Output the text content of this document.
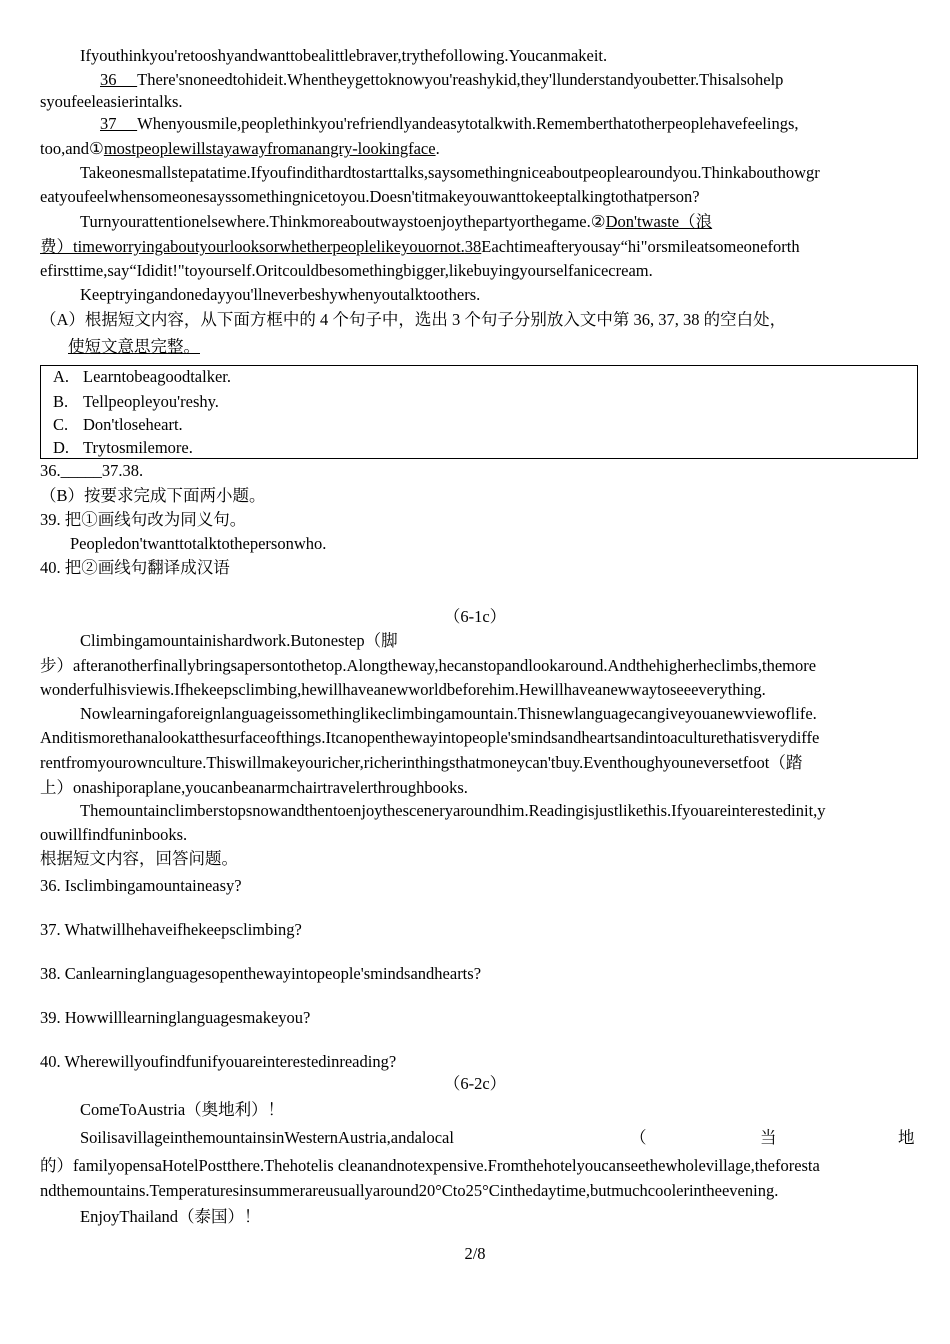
Ifyouthinkyou'retooshyandwanttobealittlebraver,trythefollowing.Youcanmakeit.
36 There'snoneedtohideit.Whentheygettoknowyou'reashykid,they'llunderstandyoubetter.Thisalsohelp
syoufeeleasierintalks.
37 Whenyousmile,peoplethinkyou'refriendlyandeasytotalkwith.Rememberthatotherpeoplehavefeelings,
too,and①mostpeoplewillstayawayfromanangry-lookingface.
Takeonesmallstepatatime.Ifyoufindithardtostarttalks,saysomethingniceaboutpeoplearoundyou.Thinkabouthowgr
eatyoufeelwhensomeonesayssomethingnicetoyou.Doesn'titmakeyouwanttokeeptalkingtothatperson?
Turnyourattentionelsewhere.Thinkmoreaboutwaystoenjoythepartyorthegame.②Don'twaste（浪
费）timeworryingaboutyourlooksorwhetherpeoplelikeyouornot.38Eachtimeafteryousay“hi"orsmileatsomeoneforth
efirsttime,say“Ididit!"toyourself.Oritcouldbesomethingbigger,likebuyingyourselfanicecream.
Keeptryingandonedayyou'llneverbeshywhenyoutalktoothers.
（A）根据短文内容，从下面方框中的 4 个句子中，选出 3 个句子分别放入文中第 36, 37, 38 的空白处，
使短文意思完整。
A. Learntobeagoodtalker.
B. Tellpeopleyou'reshy.
C. Don'tloseheart.
D. Trytosmilemore.
36._____37.38.
（B）按要求完成下面两小题。
39. 把①画线句改为同义句。
Peopledon'twanttotalktothepersonwho.
40. 把②画线句翻译成汉语
（6-1c）
Climbingamountainishardwork.Butonestep（脚
步）afteranotherfinallybringsapersontothetop.Alongtheway,hecanstopandlookaround.Andthehigherheclimbs,themore
wonderfulhisviewis.Ifhekeepsclimbing,hewillhaveanewworldbeforehim.Hewillhaveanewwaytoseeeverything.
Nowlearningaforeignlanguageissomethinglikeclimbingamountain.Thisnewlanguagecangiveyouanewviewoflife.
Anditismorethanalookatthesurfaceofthings.Itcanopenthewayintopeople'smindsandheartsandintoaculturethatisverydiffe
rentfromyourownculture.Thiswillmakeyouricher,richerinthingsthatmoneycan'tbuy.Eventhoughyouneversetfoot（踏
上）onashiporaplane,youcanbeanarmchairtravelerthroughbooks.
Themountainclimberstopsnowandthentoenjoythesceneryaroundhim.Readingisjustlikethis.Ifyouareinterestedinit,y
ouwillfindfuninbooks.
根据短文内容，回答问题。
36. Isclimbingamountaineasy?
37. Whatwillhehaveifhekeepsclimbing?
38. Canlearninglanguagesopenthewayintopeople'smindsandhearts?
39. Howwilllearninglanguagesmakeyou?
40. Wherewillyoufindfunifyouareinterestedinreading?
（6-2c）
ComeToAustria（奥地利）！
SoilisavillageinthemountainsinWesternAustria,andalocal	（	当	地
的）familyopensaHotelPostthere.Thehotelis cleanandnotexpensive.Fromthehotelyoucanseethewholevillage,theforesta
ndthemountains.Temperaturesinsummerareusuallyaround20°Cto25°Cinthedaytime,butmuchcoolerintheevening.
EnjoyThailand（泰国）！
2/8
